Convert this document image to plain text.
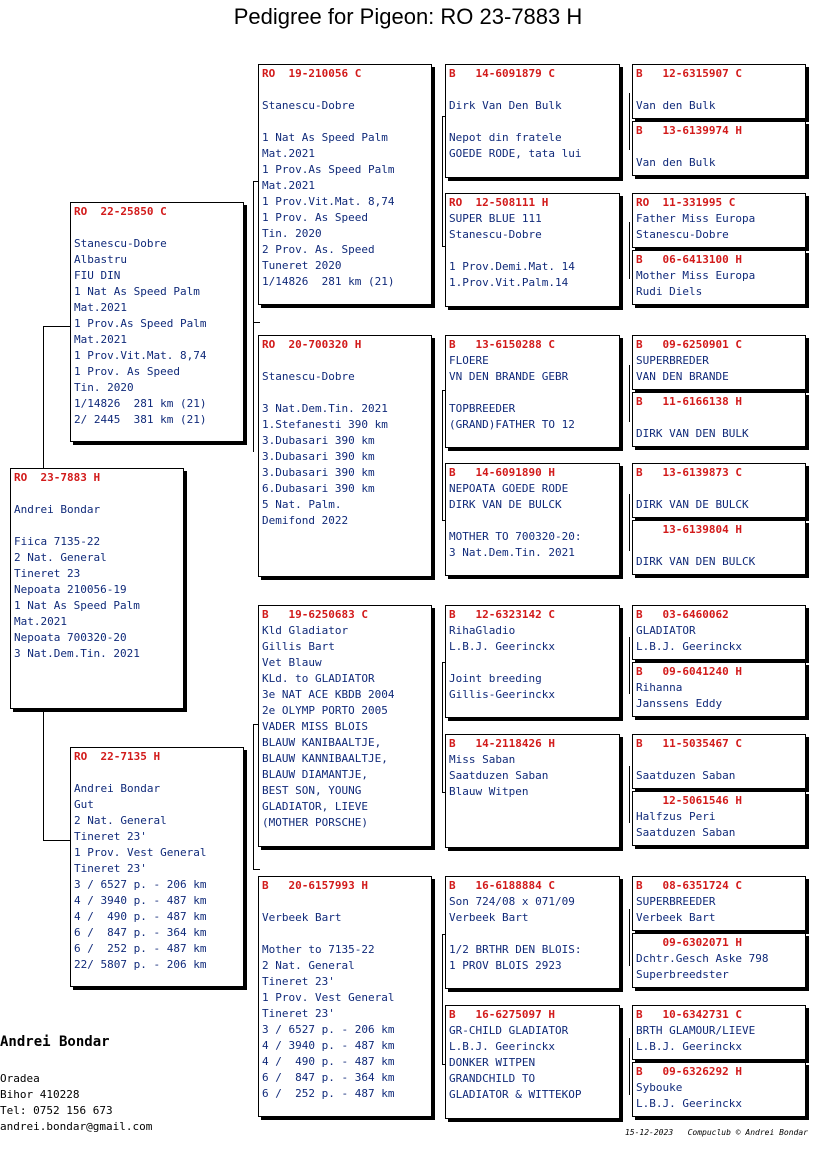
Pedigree for Pigeon: RO 23-7883 H
RO  23-7883 H
Andrei Bondar
Fiica 7135-22
2 Nat. General
Tineret 23
Nepoata 210056-19
1 Nat As Speed Palm
Mat.2021
Nepoata 700320-20
3 Nat.Dem.Tin. 2021
RO  22-25850 C
Stanescu-Dobre
Albastru
FIU DIN
1 Nat As Speed Palm
Mat.2021
1 Prov.As Speed Palm
Mat.2021
1 Prov.Vit.Mat. 8,74
1 Prov. As Speed
Tin. 2020
1/14826  281 km (21)
2/ 2445  381 km (21)
RO  22-7135 H
Andrei Bondar
Gut
2 Nat. General
Tineret 23'
1 Prov. Vest General
Tineret 23'
3 / 6527 p. - 206 km
4 / 3940 p. - 487 km
4 /  490 p. - 487 km
6 /  847 p. - 364 km
6 /  252 p. - 487 km
22/ 5807 p. - 206 km
RO  19-210056 C
Stanescu-Dobre
1 Nat As Speed Palm
Mat.2021
1 Prov.As Speed Palm
Mat.2021
1 Prov.Vit.Mat. 8,74
1 Prov. As Speed
Tin. 2020
2 Prov. As. Speed
Tuneret 2020
1/14826  281 km (21)
RO  20-700320 H
Stanescu-Dobre
3 Nat.Dem.Tin. 2021
1.Stefanesti 390 km
3.Dubasari 390 km
3.Dubasari 390 km
3.Dubasari 390 km
6.Dubasari 390 km
5 Nat. Palm.
Demifond 2022
B   19-6250683 C
Kld Gladiator
Gillis Bart
Vet Blauw
KLd. to GLADIATOR
3e NAT ACE KBDB 2004
2e OLYMP PORTO 2005
VADER MISS BLOIS
BLAUW KANIBAALTJE,
BLAUW KANNIBAALTJE,
BLAUW DIAMANTJE,
BEST SON, YOUNG
GLADIATOR, LIEVE
(MOTHER PORSCHE)
B   20-6157993 H
Verbeek Bart
Mother to 7135-22
2 Nat. General
Tineret 23'
1 Prov. Vest General
Tineret 23'
3 / 6527 p. - 206 km
4 / 3940 p. - 487 km
4 /  490 p. - 487 km
6 /  847 p. - 364 km
6 /  252 p. - 487 km
B   14-6091879 C
Dirk Van Den Bulk
Nepot din fratele
GOEDE RODE, tata lui
RO  12-508111 H
SUPER BLUE 111
Stanescu-Dobre
1 Prov.Demi.Mat. 14
1.Prov.Vit.Palm.14
B   13-6150288 C
FLOERE
VN DEN BRANDE GEBR
TOPBREEDER
(GRAND)FATHER TO 12
B   14-6091890 H
NEPOATA GOEDE RODE
DIRK VAN DE BULCK
MOTHER TO 700320-20:
3 Nat.Dem.Tin. 2021
B   12-6323142 C
RihaGladio
L.B.J. Geerinckx
Joint breeding
Gillis-Geerinckx
B   14-2118426 H
Miss Saban
Saatduzen Saban
Blauw Witpen
B   16-6188884 C
Son 724/08 x 071/09
Verbeek Bart
1/2 BRTHR DEN BLOIS:
1 PROV BLOIS 2923
B   16-6275097 H
GR-CHILD GLADIATOR
L.B.J. Geerinckx
DONKER WITPEN
GRANDCHILD TO
GLADIATOR & WITTEKOP
B   12-6315907 C
Van den Bulk
B   13-6139974 H
Van den Bulk
RO  11-331995 C
Father Miss Europa
Stanescu-Dobre
B   06-6413100 H
Mother Miss Europa
Rudi Diels
B   09-6250901 C
SUPERBREDER
VAN DEN BRANDE
B   11-6166138 H
DIRK VAN DEN BULK
B   13-6139873 C
DIRK VAN DE BULCK
13-6139804 H
DIRK VAN DEN BULCK
B   03-6460062
GLADIATOR
L.B.J. Geerinckx
B   09-6041240 H
Rihanna
Janssens Eddy
B   11-5035467 C
Saatduzen Saban
12-5061546 H
Halfzus Peri
Saatduzen Saban
B   08-6351724 C
SUPERBREEDER
Verbeek Bart
09-6302071 H
Dchtr.Gesch Aske 798
Superbreedster
B   10-6342731 C
BRTH GLAMOUR/LIEVE
L.B.J. Geerinckx
B   09-6326292 H
Sybouke
L.B.J. Geerinckx
Andrei Bondar
Oradea
Bihor 410228
Tel: 0752 156 673
andrei.bondar@gmail.com	15-12-2023   Compuclub © Andrei Bondar
